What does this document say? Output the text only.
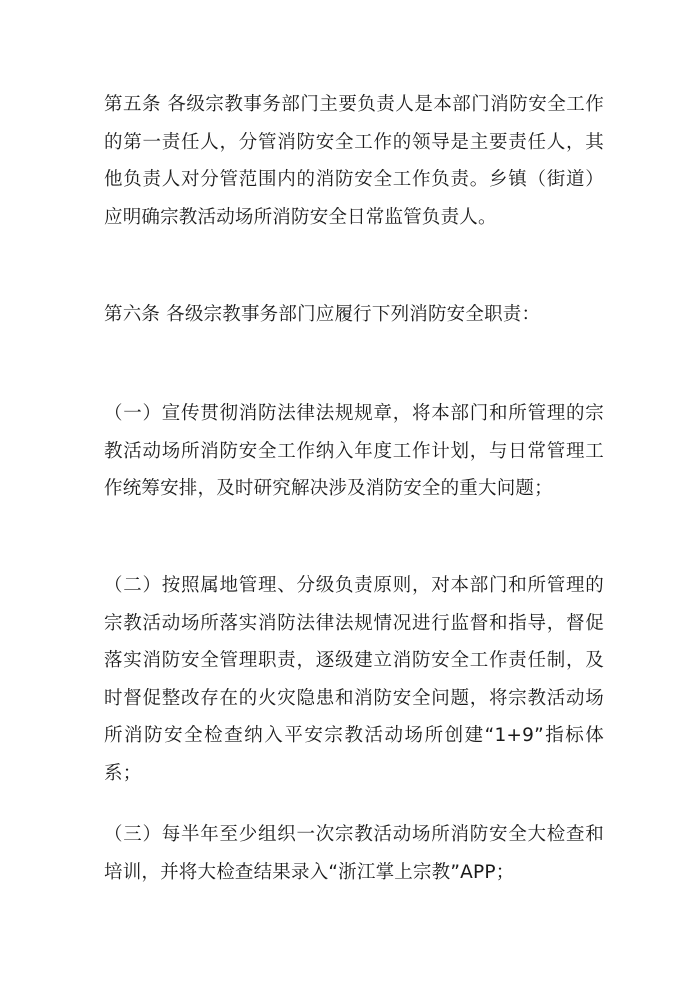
第五条 各级宗教事务部门主要负责人是本部门消防安全工作的第一责任人，分管消防安全工作的领导是主要责任人，其他负责人对分管范围内的消防安全工作负责。乡镇（街道）应明确宗教活动场所消防安全日常监管负责人。

第六条 各级宗教事务部门应履行下列消防安全职责：

（一）宣传贯彻消防法律法规规章，将本部门和所管理的宗教活动场所消防安全工作纳入年度工作计划，与日常管理工作统筹安排，及时研究解决涉及消防安全的重大问题；

（二）按照属地管理、分级负责原则，对本部门和所管理的宗教活动场所落实消防法律法规情况进行监督和指导，督促落实消防安全管理职责，逐级建立消防安全工作责任制，及时督促整改存在的火灾隐患和消防安全问题，将宗教活动场所消防安全检查纳入平安宗教活动场所创建“1+9”指标体系；

（三）每半年至少组织一次宗教活动场所消防安全大检查和培训，并将大检查结果录入“浙江掌上宗教”APP；
